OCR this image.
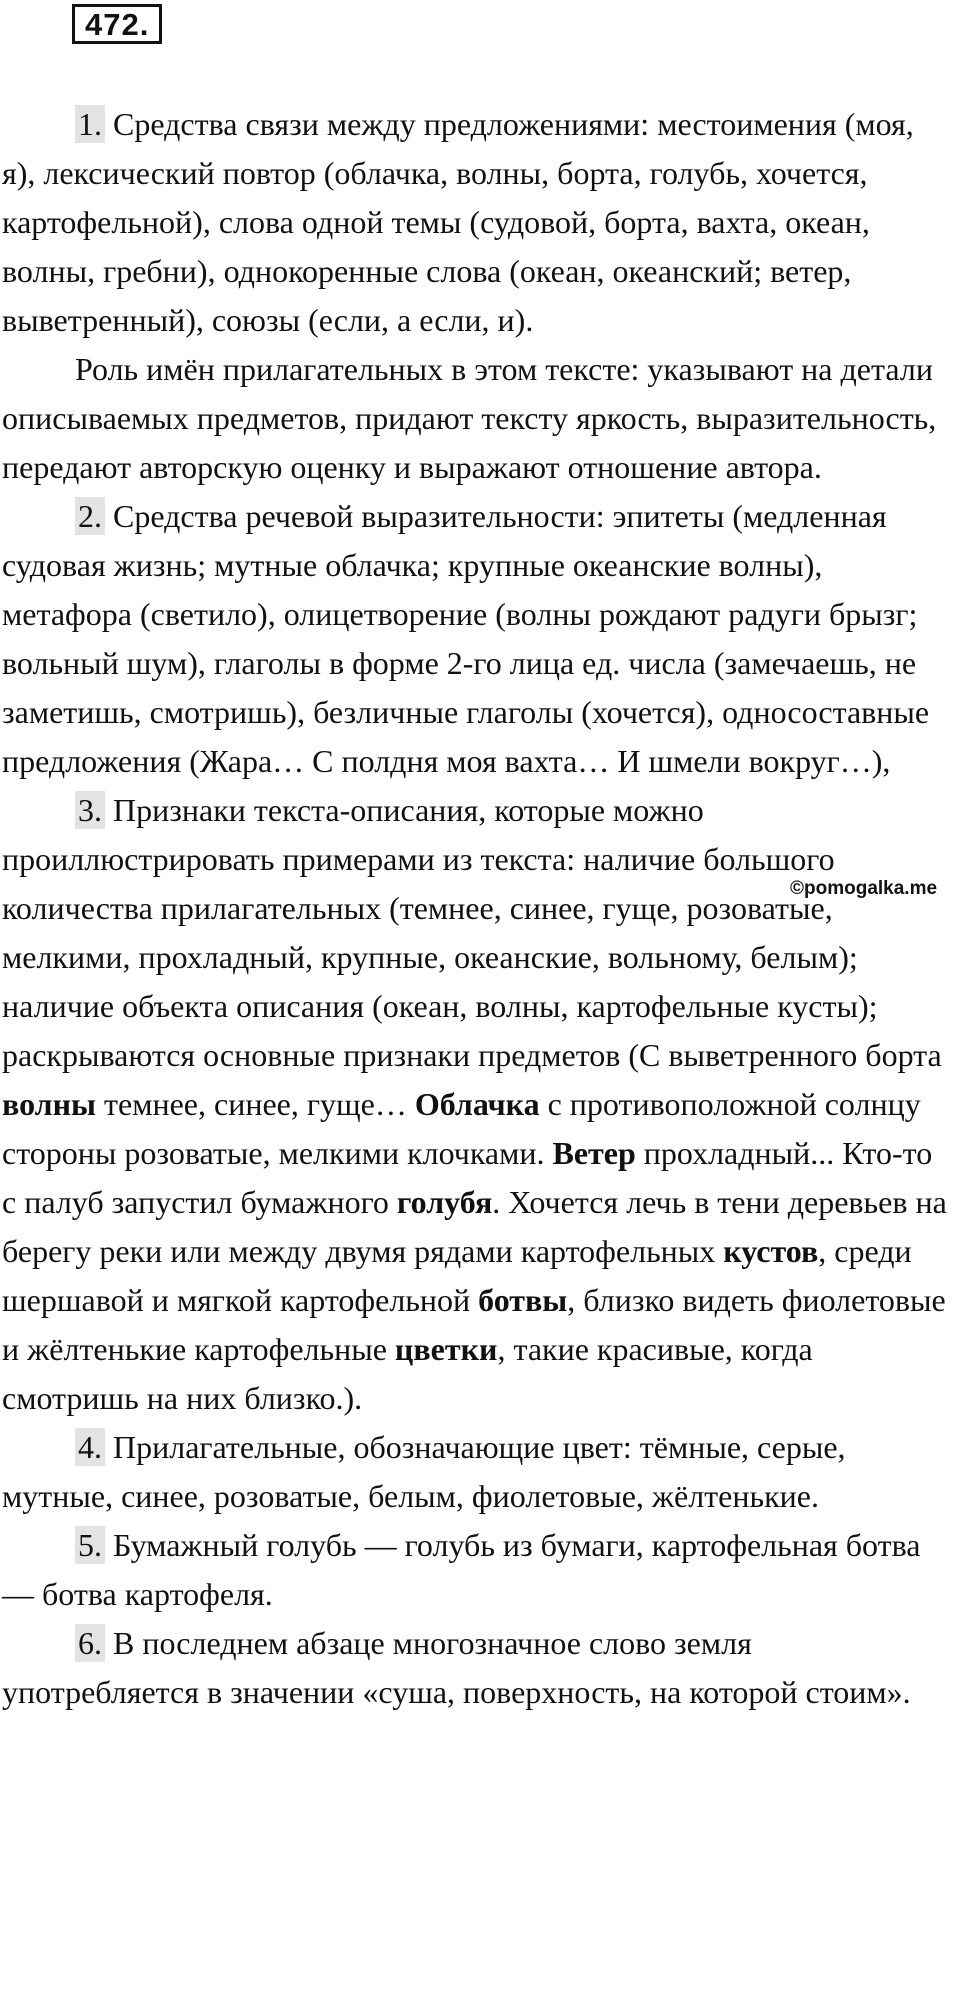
472.
©pomogalka.me

1. Средства связи между предложениями: местоимения (моя, я), лексический повтор (облачка, волны, борта, голубь, хочется, картофельной), слова одной темы (судовой, борта, вахта, океан, волны, гребни), однокоренные слова (океан, океанский; ветер, выветренный), союзы (если, а если, и).

Роль имён прилагательных в этом тексте: указывают на детали описываемых предметов, придают тексту яркость, выразительность, передают авторскую оценку и выражают отношение автора.

2. Средства речевой выразительности: эпитеты (медленная судовая жизнь; мутные облачка; крупные океанские волны), метафора (светило), олицетворение (волны рождают радуги брызг; вольный шум), глаголы в форме 2-го лица ед. числа (замечаешь, не заметишь, смотришь), безличные глаголы (хочется), односоставные предложения (Жара… С полдня моя вахта… И шмели вокруг…),

3. Признаки текста-описания, которые можно проиллюстрировать примерами из текста: наличие большого количества прилагательных (темнее, синее, гуще, розоватые, мелкими, прохладный, крупные, океанские, вольному, белым); наличие объекта описания (океан, волны, картофельные кусты); раскрываются основные признаки предметов (С выветренного борта волны темнее, синее, гуще… Облачка с противоположной солнцу стороны розоватые, мелкими клочками. Ветер прохладный... Кто-то с палуб запустил бумажного голубя. Хочется лечь в тени деревьев на берегу реки или между двумя рядами картофельных кустов, среди шершавой и мягкой картофельной ботвы, близко видеть фиолетовые и жёлтенькие картофельные цветки, такие красивые, когда смотришь на них близко.).

4. Прилагательные, обозначающие цвет: тёмные, серые, мутные, синее, розоватые, белым, фиолетовые, жёлтенькие.

5. Бумажный голубь — голубь из бумаги, картофельная ботва — ботва картофеля.

6. В последнем абзаце многозначное слово земля употребляется в значении «суша, поверхность, на которой стоим».
